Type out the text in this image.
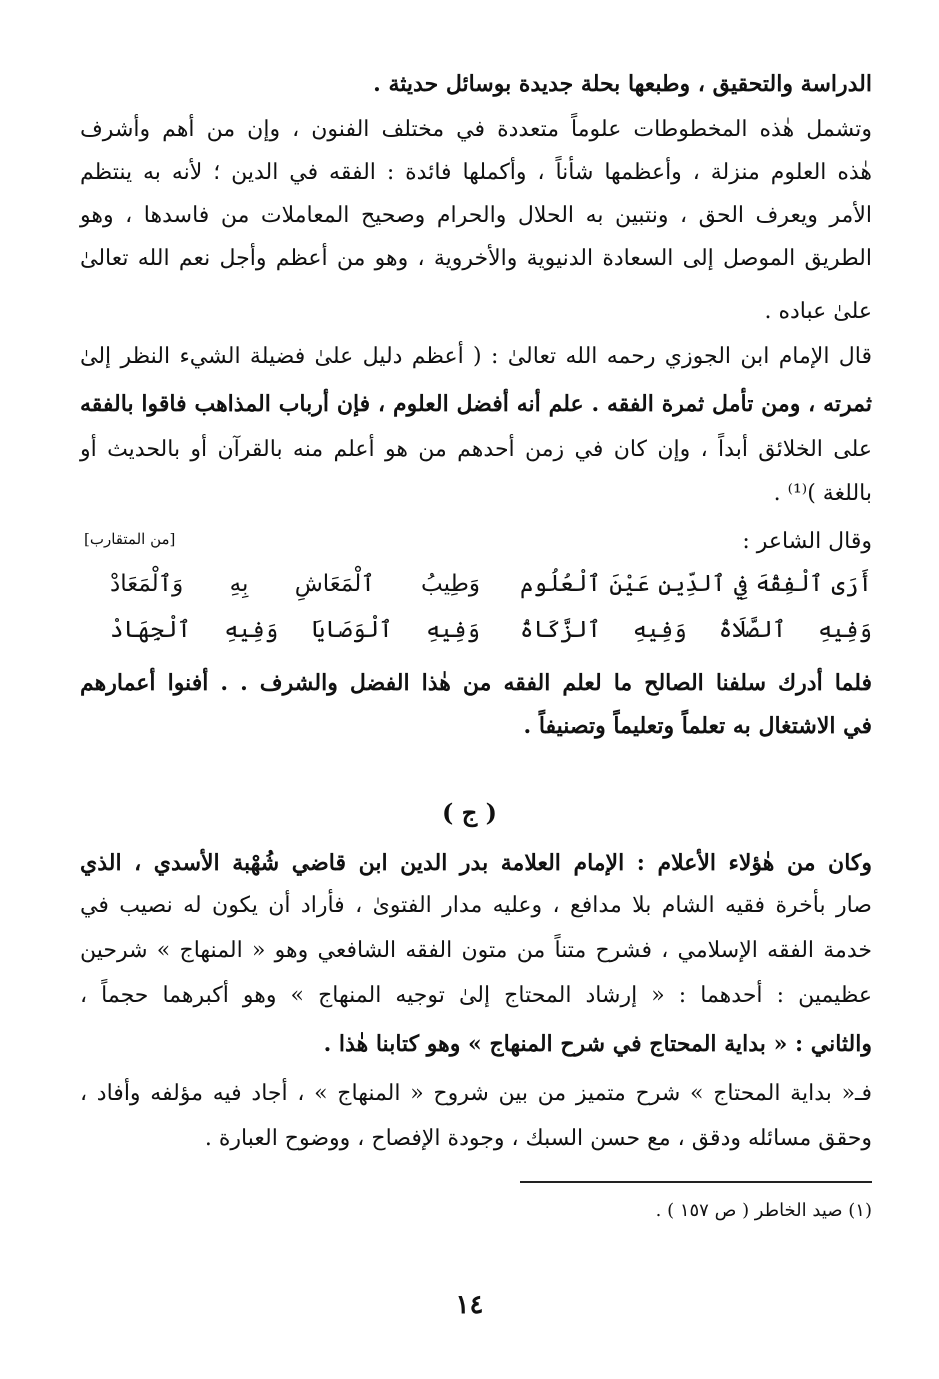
الدراسة والتحقيق ، وطبعها بحلة جديدة بوسائل حديثة .
وتشمل هٰذه المخطوطات علوماً متعددة في مختلف الفنون ، وإن من أهم وأشرف
هٰذه العلوم منزلة ، وأعظمها شأناً ، وأكملها فائدة : الفقه في الدين ؛ لأنه به ينتظم
الأمر ويعرف الحق ، ونتبين به الحلال والحرام وصحيح المعاملات من فاسدها ، وهو
الطريق الموصل إلى السعادة الدنيوية والأخروية ، وهو من أعظم وأجل نعم الله تعالىٰ
علىٰ عباده .
قال الإمام ابن الجوزي رحمه الله تعالىٰ : ( أعظم دليل علىٰ فضيلة الشيء النظر إلىٰ
ثمرته ، ومن تأمل ثمرة الفقه . علم أنه أفضل العلوم ، فإن أرباب المذاهب فاقوا بالفقه
على الخلائق أبداً ، وإن كان في زمن أحدهم من هو أعلم منه بالقرآن أو بالحديث أو
باللغة )⁽¹⁾ .
وقال الشاعر :
[من المتقارب]
أَرَى ٱلْفِقْهَ فِي ٱلدِّينِ عَيْنَ ٱلْعُلُوم
وَطِيبُ ٱلْمَعَاشِ بِهِ وَٱلْمَعَادْ
وَفِيهِ ٱلصَّلَاةُ وَفِيهِ ٱلزَّكَاةُ
وَفِيهِ ٱلْوَصَايَا وَفِيهِ ٱلْجِهَادْ
فلما أدرك سلفنا الصالح ما لعلم الفقه من هٰذا الفضل والشرف . . أفنوا أعمارهم
في الاشتغال به تعلماً وتعليماً وتصنيفاً .
( ج )
وكان من هٰؤلاء الأعلام : الإمام العلامة بدر الدين ابن قاضي شُهْبة الأسدي ، الذي
صار بأخرة فقيه الشام بلا مدافع ، وعليه مدار الفتوىٰ ، فأراد أن يكون له نصيب في
خدمة الفقه الإسلامي ، فشرح متناً من متون الفقه الشافعي وهو « المنهاج » شرحين
عظيمين : أحدهما : « إرشاد المحتاج إلىٰ توجيه المنهاج » وهو أكبرهما حجماً ،
والثاني : « بداية المحتاج في شرح المنهاج » وهو كتابنا هٰذا .
فـ« بداية المحتاج » شرح متميز من بين شروح « المنهاج » ، أجاد فيه مؤلفه وأفاد ،
وحقق مسائله ودقق ، مع حسن السبك ، وجودة الإفصاح ، ووضوح العبارة .
(١) صيد الخاطر ( ص ١٥٧ ) .
١٤
